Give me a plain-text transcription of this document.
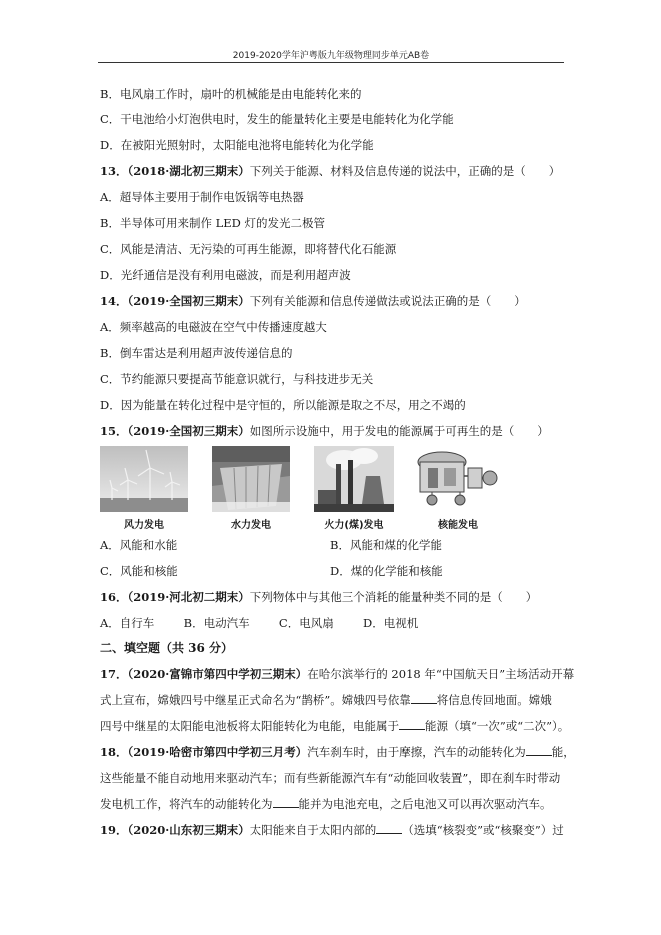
2019-2020学年沪粤版九年级物理同步单元AB卷
B．电风扇工作时，扇叶的机械能是由电能转化来的
C．干电池给小灯泡供电时，发生的能量转化主要是电能转化为化学能
D．在被阳光照射时，太阳能电池将电能转化为化学能
13．（2018·湖北初三期末）下列关于能源、材料及信息传递的说法中，正确的是（　　）
A．超导体主要用于制作电饭锅等电热器
B．半导体可用来制作 LED 灯的发光二极管
C．风能是清洁、无污染的可再生能源，即将替代化石能源
D．光纤通信是没有利用电磁波，而是利用超声波
14．（2019·全国初三期末）下列有关能源和信息传递做法或说法正确的是（　　）
A．频率越高的电磁波在空气中传播速度越大
B．倒车雷达是利用超声波传递信息的
C．节约能源只要提高节能意识就行，与科技进步无关
D．因为能量在转化过程中是守恒的，所以能源是取之不尽，用之不竭的
15．（2019·全国初三期末）如图所示设施中，用于发电的能源属于可再生的是（　　）
风力发电	水力发电	火力(煤)发电	核能发电
A．风能和水能	B．风能和煤的化学能
C．风能和核能	D．煤的化学能和核能
16．（2019·河北初二期末）下列物体中与其他三个消耗的能量种类不同的是（　　）
A．自行车	B．电动汽车	C．电风扇	D．电视机
二、填空题（共 36 分）
17．（2020·富锦市第四中学初三期末）在哈尔滨举行的 2018 年“中国航天日”主场活动开幕
式上宣布，嫦娥四号中继星正式命名为“鹊桥”。嫦娥四号依靠 将信息传回地面。嫦娥
四号中继星的太阳能电池板将太阳能转化为电能，电能属于 能源（填“一次”或“二次”）。
18．（2019·哈密市第四中学初三月考）汽车刹车时，由于摩擦，汽车的动能转化为 能，
这些能量不能自动地用来驱动汽车；而有些新能源汽车有“动能回收装置”，即在刹车时带动
发电机工作，将汽车的动能转化为 能并为电池充电，之后电池又可以再次驱动汽车。
19．（2020·山东初三期末）太阳能来自于太阳内部的 （选填“核裂变”或“核聚变”）过
